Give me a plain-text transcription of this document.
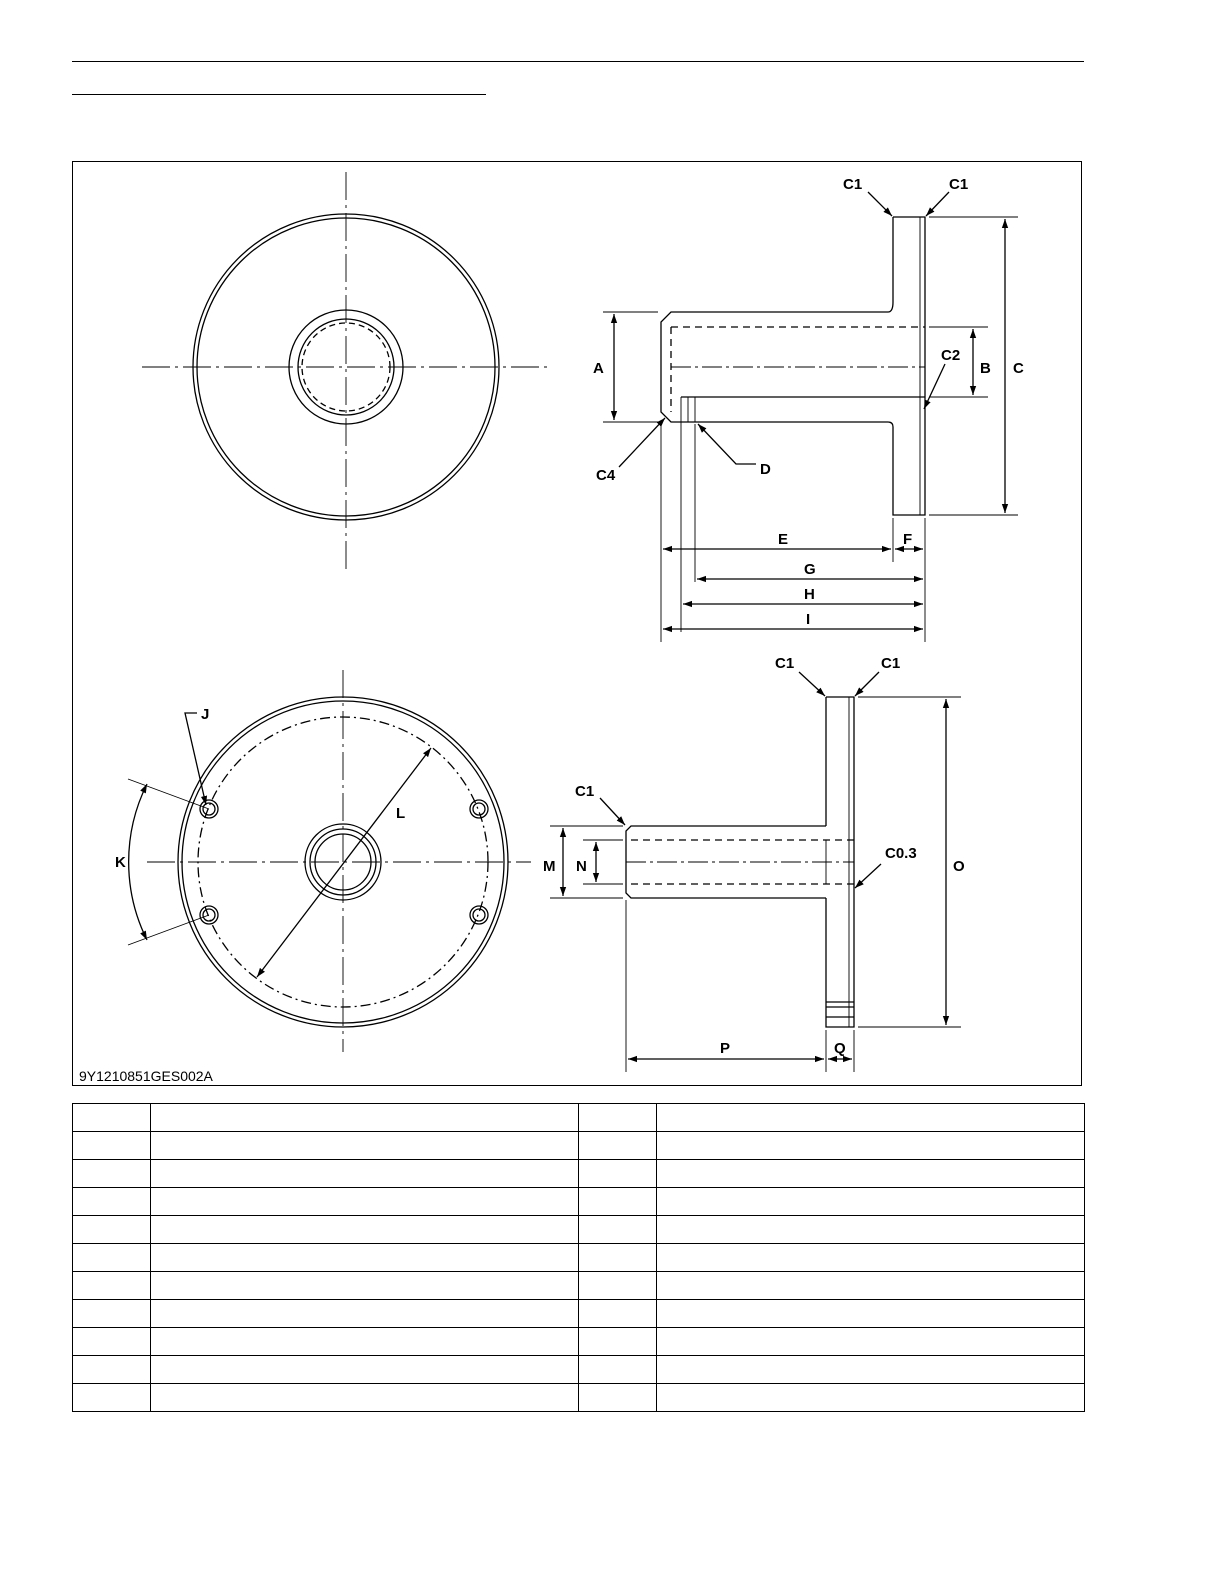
C1	C1
A	B C
C2
C4	D
E	F
G
H
I
C1	C1
J
C1
L
K	M N
C0.3
O
P	Q
9Y1210851GES002A
